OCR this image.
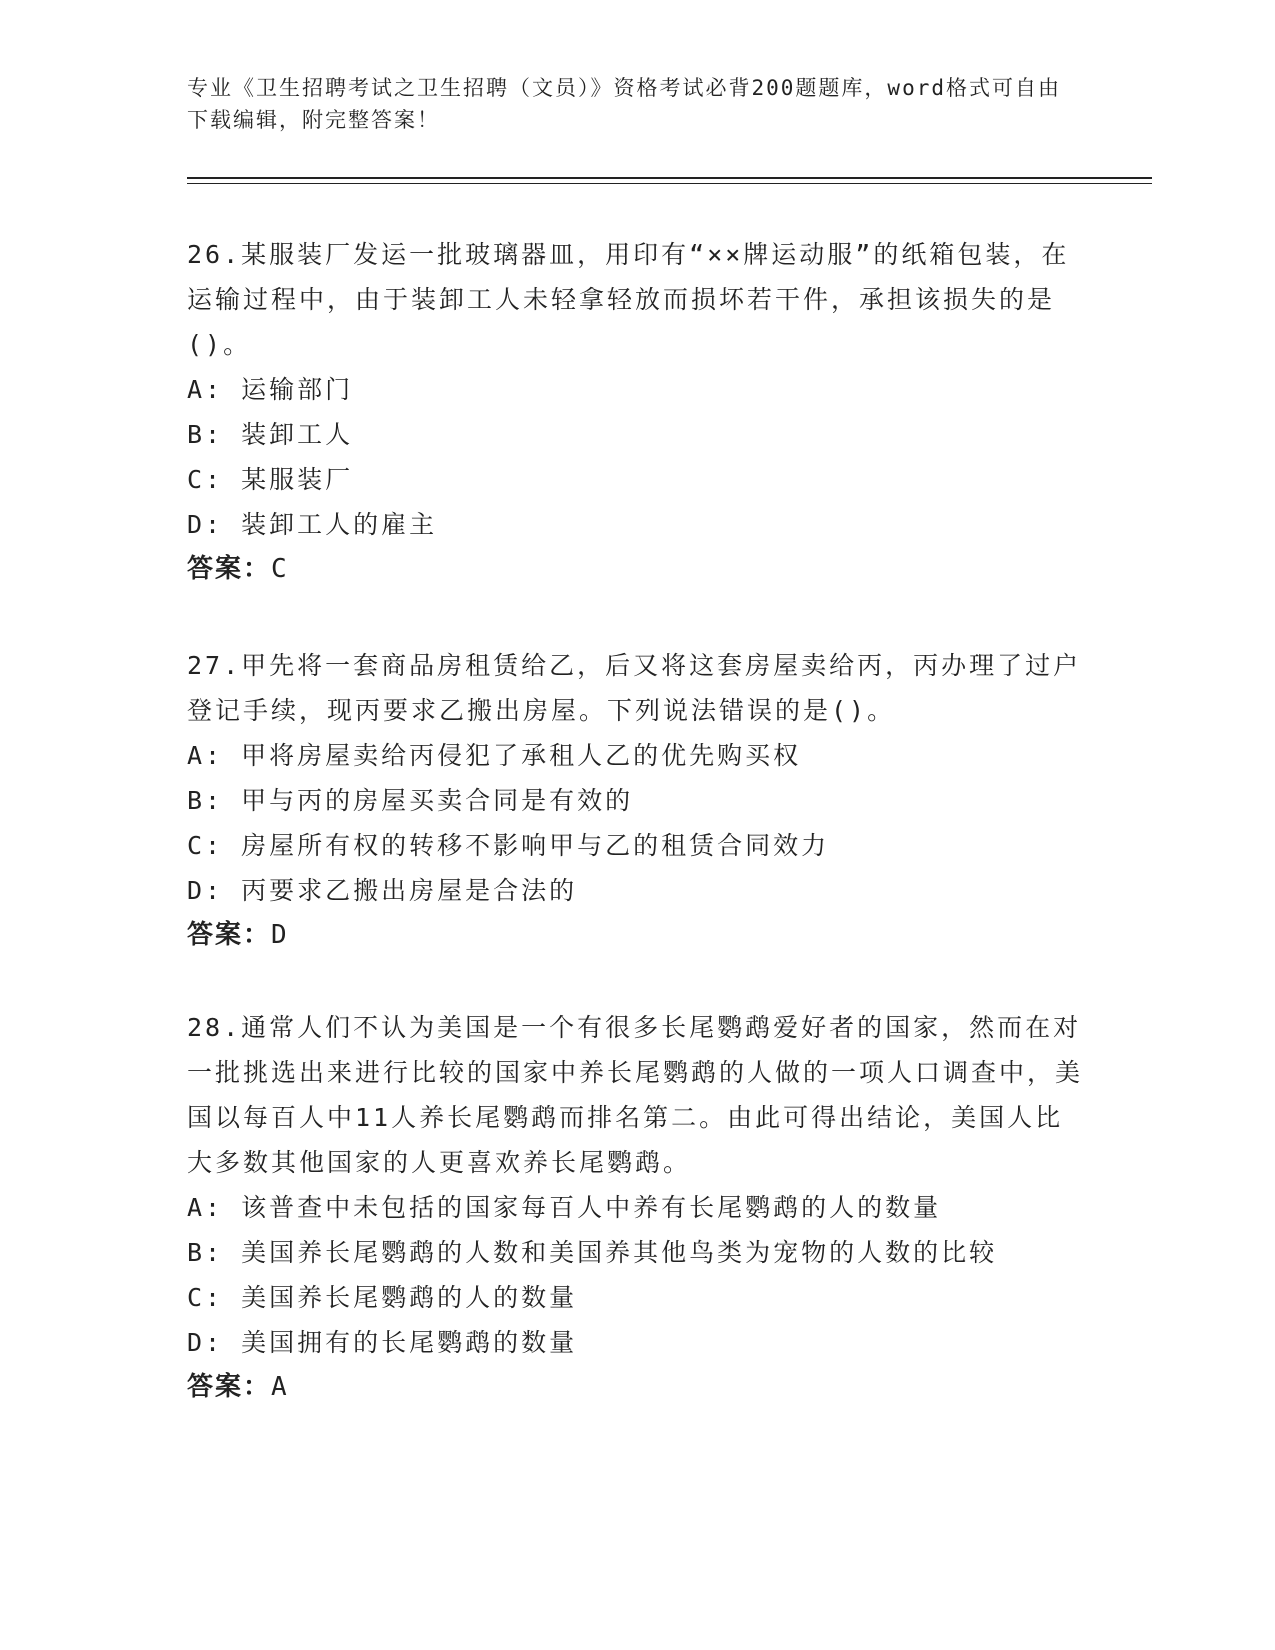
专业《卫生招聘考试之卫生招聘（文员）》资格考试必背200题题库，word格式可自由下载编辑，附完整答案！

26.某服装厂发运一批玻璃器皿，用印有“××牌运动服”的纸箱包装，在运输过程中，由于装卸工人未轻拿轻放而损坏若干件，承担该损失的是()。

A: 运输部门

B: 装卸工人

C: 某服装厂

D: 装卸工人的雇主

答案：C

27.甲先将一套商品房租赁给乙，后又将这套房屋卖给丙，丙办理了过户登记手续，现丙要求乙搬出房屋。下列说法错误的是()。

A: 甲将房屋卖给丙侵犯了承租人乙的优先购买权

B: 甲与丙的房屋买卖合同是有效的

C: 房屋所有权的转移不影响甲与乙的租赁合同效力

D: 丙要求乙搬出房屋是合法的

答案：D

28.通常人们不认为美国是一个有很多长尾鹦鹉爱好者的国家，然而在对一批挑选出来进行比较的国家中养长尾鹦鹉的人做的一项人口调查中，美国以每百人中11人养长尾鹦鹉而排名第二。由此可得出结论，美国人比大多数其他国家的人更喜欢养长尾鹦鹉。

A: 该普查中未包括的国家每百人中养有长尾鹦鹉的人的数量

B: 美国养长尾鹦鹉的人数和美国养其他鸟类为宠物的人数的比较

C: 美国养长尾鹦鹉的人的数量

D: 美国拥有的长尾鹦鹉的数量

答案：A
